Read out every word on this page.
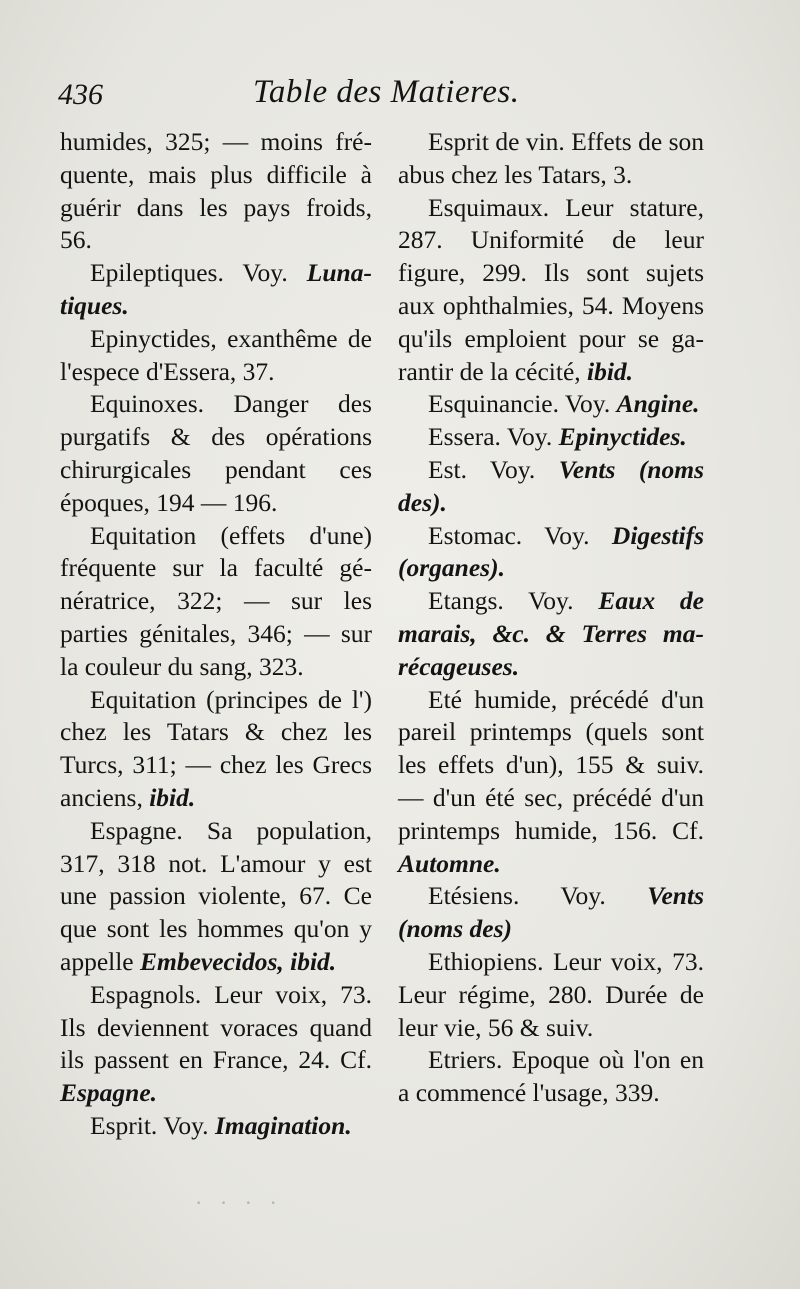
436	Table des Matieres.

humides, 325; — moins fréquente, mais plus difficile à guérir dans les pays froids, 56.

Epileptiques. Voy. Lunatiques.

Epinyctides, exanthême de l'espece d'Essera, 37.

Equinoxes. Danger des purgatifs & des opérations chirurgicales pendant ces époques, 194 — 196.

Equitation (effets d'une) fréquente sur la faculté génératrice, 322; — sur les parties génitales, 346; — sur la couleur du sang, 323.

Equitation (principes de l') chez les Tatars & chez les Turcs, 311; — chez les Grecs anciens, ibid.

Espagne. Sa population, 317, 318 not. L'amour y est une passion violente, 67. Ce que sont les hommes qu'on y appelle Embevecidos, ibid.

Espagnols. Leur voix, 73. Ils deviennent voraces quand ils passent en France, 24. Cf. Espagne.

Esprit. Voy. Imagination.

Esprit de vin. Effets de son abus chez les Tatars, 3.

Esquimaux. Leur stature, 287. Uniformité de leur figure, 299. Ils sont sujets aux ophthalmies, 54. Moyens qu'ils emploient pour se garantir de la cécité, ibid.

Esquinancie. Voy. Angine.

Essera. Voy. Epinyctides.

Est. Voy. Vents (noms des).

Estomac. Voy. Digestifs (organes).

Etangs. Voy. Eaux de marais, &c. & Terres marécageuses.

Eté humide, précédé d'un pareil printemps (quels sont les effets d'un), 155 & suiv. — d'un été sec, précédé d'un printemps humide, 156. Cf. Automne.

Etésiens. Voy. Vents (noms des)

Ethiopiens. Leur voix, 73. Leur régime, 280. Durée de leur vie, 56 & suiv.

Etriers. Epoque où l'on en a commencé l'usage, 339.

· · · ·
